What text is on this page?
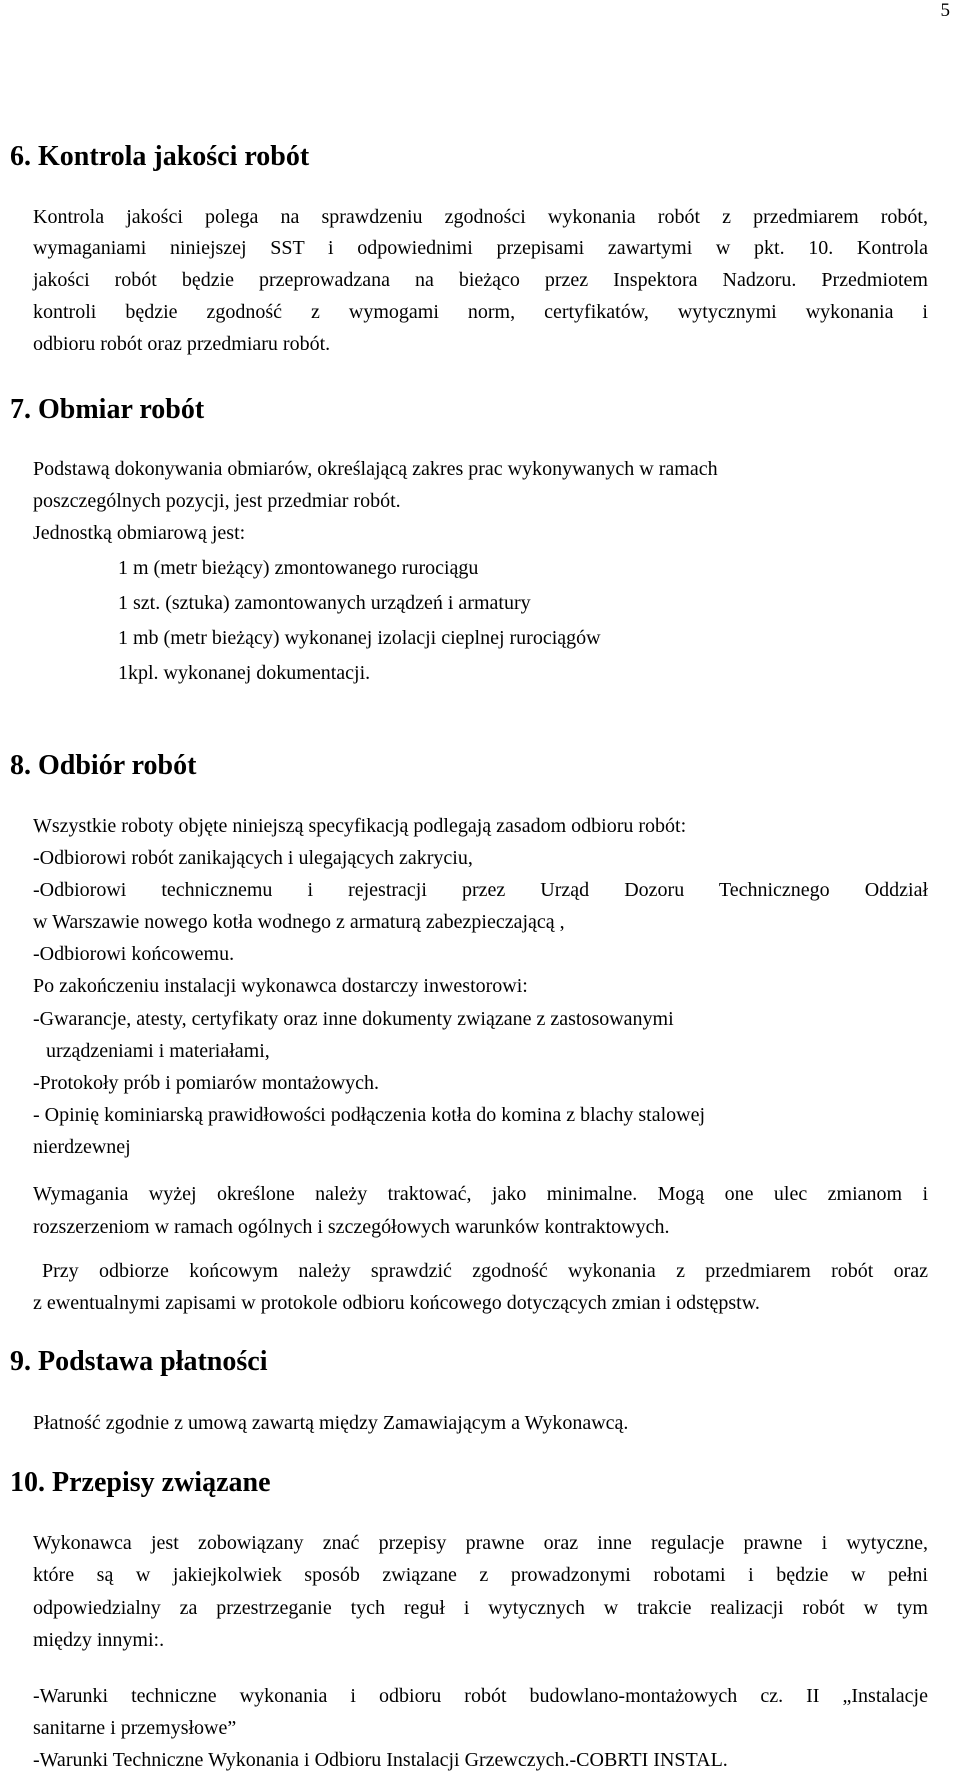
5
6. Kontrola jakości robót

Kontrola jakości polega na sprawdzeniu zgodności wykonania robót z przedmiarem robót,

wymaganiami niniejszej SST i odpowiednimi przepisami zawartymi w pkt. 10. Kontrola

jakości robót będzie przeprowadzana na bieżąco przez Inspektora Nadzoru. Przedmiotem

kontroli będzie zgodność z wymogami norm, certyfikatów, wytycznymi wykonania i

odbioru robót oraz przedmiaru robót.

7. Obmiar robót

Podstawą dokonywania obmiarów, określającą zakres prac wykonywanych w ramach

poszczególnych pozycji, jest przedmiar robót.

Jednostką obmiarową jest:

1 m (metr bieżący) zmontowanego rurociągu

1 szt. (sztuka) zamontowanych urządzeń i armatury

1 mb (metr bieżący) wykonanej izolacji cieplnej rurociągów

1kpl. wykonanej dokumentacji.

8. Odbiór robót

Wszystkie roboty objęte niniejszą specyfikacją podlegają zasadom odbioru robót:

-Odbiorowi robót zanikających i ulegających zakryciu,

-Odbiorowi technicznemu i rejestracji przez Urząd Dozoru Technicznego Oddział

w Warszawie nowego kotła wodnego z armaturą zabezpieczającą ,

-Odbiorowi końcowemu.

Po zakończeniu instalacji wykonawca dostarczy inwestorowi:

-Gwarancje, atesty, certyfikaty oraz inne dokumenty związane z zastosowanymi

urządzeniami i materiałami,

-Protokoły prób i pomiarów montażowych.

- Opinię kominiarską prawidłowości podłączenia kotła do komina z blachy stalowej

nierdzewnej

Wymagania wyżej określone należy traktować, jako minimalne. Mogą one ulec zmianom i

rozszerzeniom w ramach ogólnych i szczegółowych warunków kontraktowych.

Przy odbiorze końcowym należy sprawdzić zgodność wykonania z przedmiarem robót oraz

z ewentualnymi zapisami w protokole odbioru końcowego dotyczących zmian i odstępstw.

9. Podstawa płatności

Płatność zgodnie z umową zawartą między Zamawiającym a Wykonawcą.

10. Przepisy związane

Wykonawca jest zobowiązany znać przepisy prawne oraz inne regulacje prawne i wytyczne,

które są w jakiejkolwiek sposób związane z prowadzonymi robotami i będzie w pełni

odpowiedzialny za przestrzeganie tych reguł i wytycznych w trakcie realizacji robót w tym

między innymi:.

-Warunki techniczne wykonania i odbioru robót budowlano-montażowych cz. II „Instalacje

sanitarne i przemysłowe”

-Warunki Techniczne Wykonania i Odbioru Instalacji Grzewczych.-COBRTI INSTAL.
